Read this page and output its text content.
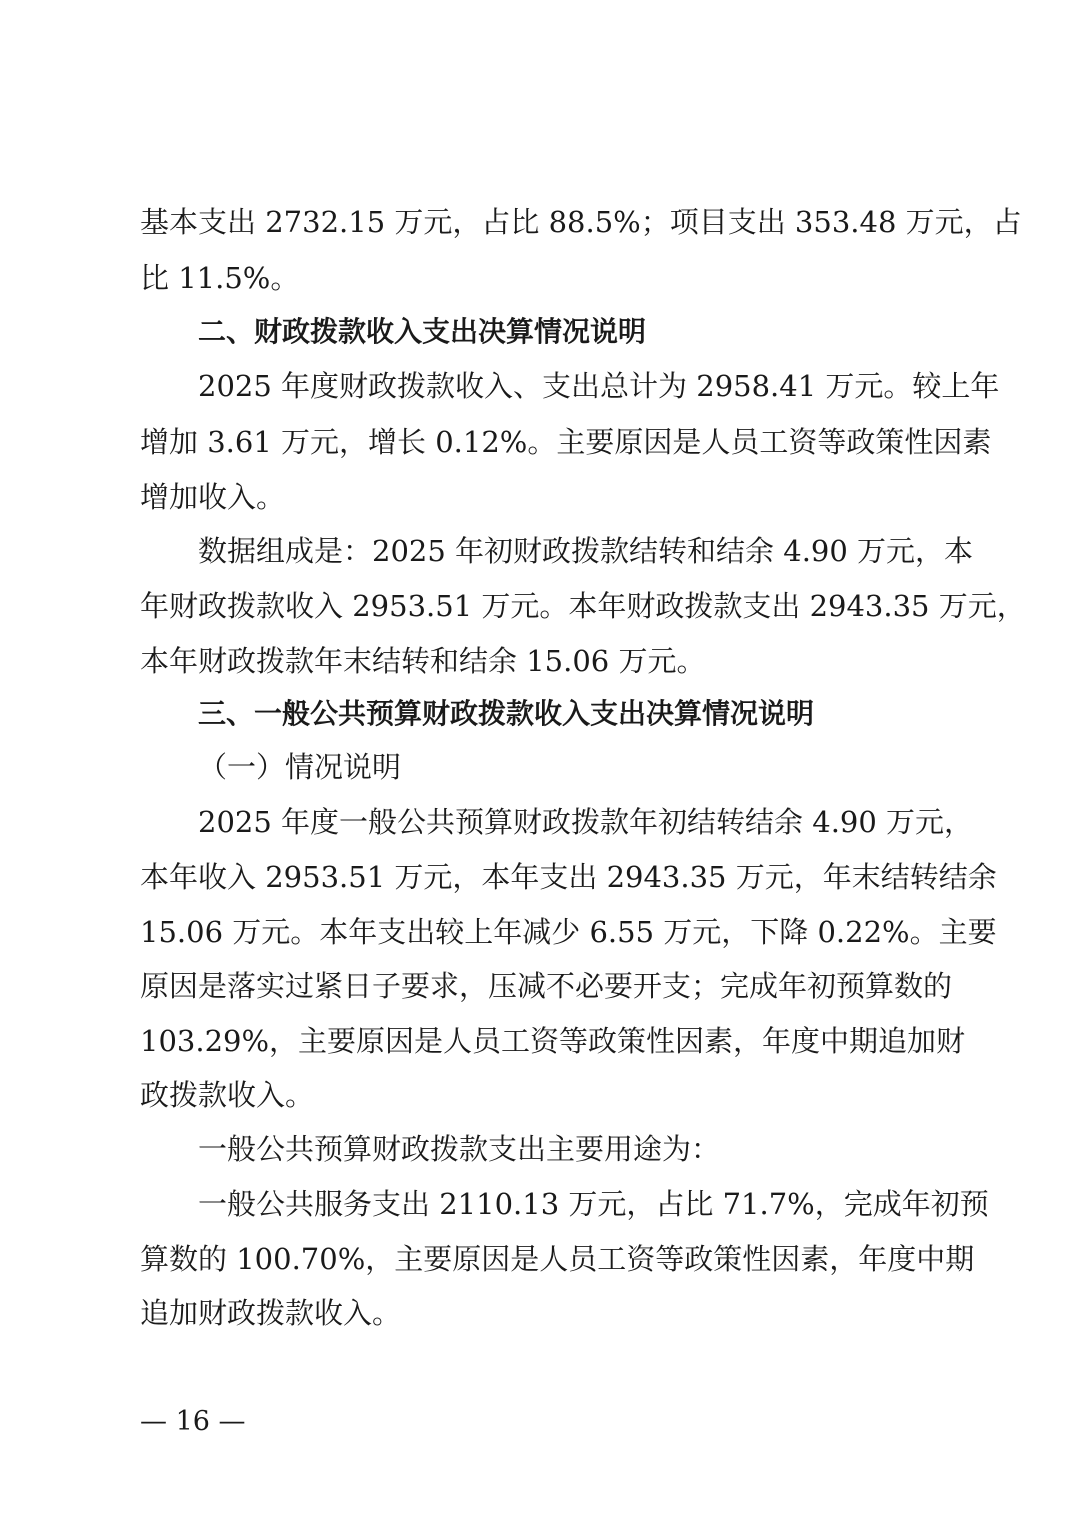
基本支出 2732.15 万元，占比 88.5%；项目支出 353.48 万元，占
比 11.5%。
二、财政拨款收入支出决算情况说明
2025 年度财政拨款收入、支出总计为 2958.41 万元。较上年
增加 3.61 万元，增长 0.12%。主要原因是人员工资等政策性因素
增加收入。
数据组成是：2025 年初财政拨款结转和结余 4.90 万元，本
年财政拨款收入 2953.51 万元。本年财政拨款支出 2943.35 万元，
本年财政拨款年末结转和结余 15.06 万元。
三、一般公共预算财政拨款收入支出决算情况说明
（一）情况说明
2025 年度一般公共预算财政拨款年初结转结余 4.90 万元，
本年收入 2953.51 万元，本年支出 2943.35 万元，年末结转结余
15.06 万元。本年支出较上年减少 6.55 万元，下降 0.22%。主要
原因是落实过紧日子要求，压减不必要开支；完成年初预算数的
103.29%，主要原因是人员工资等政策性因素，年度中期追加财
政拨款收入。
一般公共预算财政拨款支出主要用途为：
一般公共服务支出 2110.13 万元，占比 71.7%，完成年初预
算数的 100.70%，主要原因是人员工资等政策性因素，年度中期
追加财政拨款收入。
— 16 —
